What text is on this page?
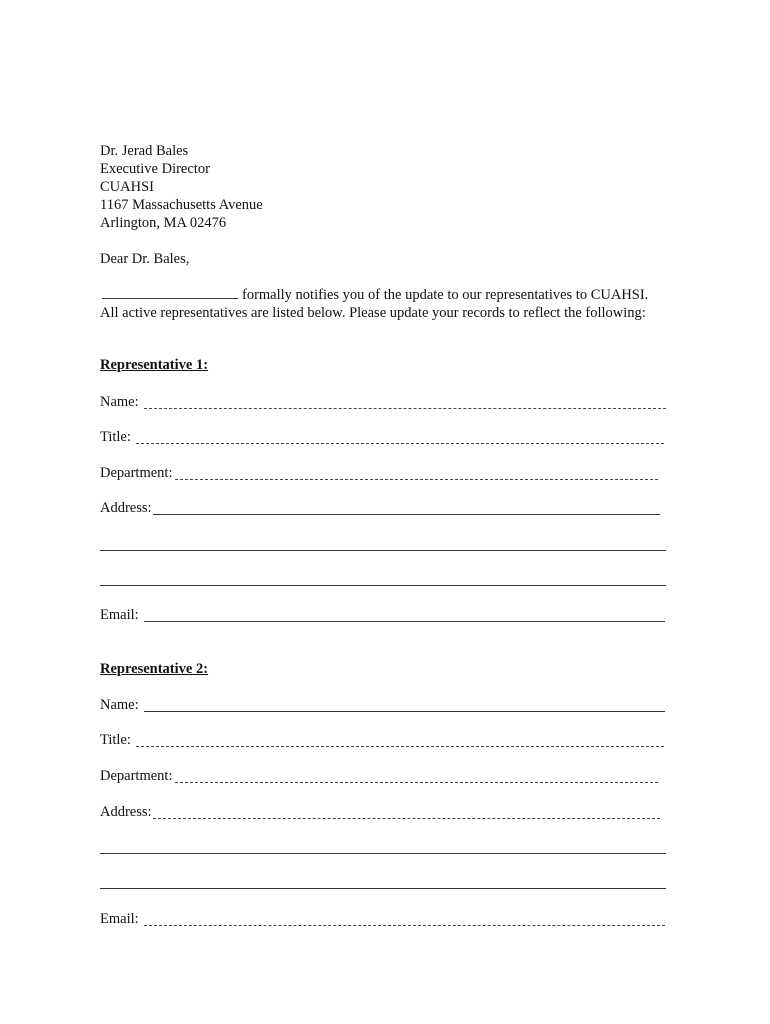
Dr. Jerad Bales
Executive Director
CUAHSI
1167 Massachusetts Avenue
Arlington, MA 02476
Dear Dr. Bales,
formally notifies you of the update to our representatives to CUAHSI.
All active representatives are listed below. Please update your records to reflect the following:
Representative 1:
Name:
Title:
Department:
Address:
Email:
Representative 2:
Name:
Title:
Department:
Address:
Email:
